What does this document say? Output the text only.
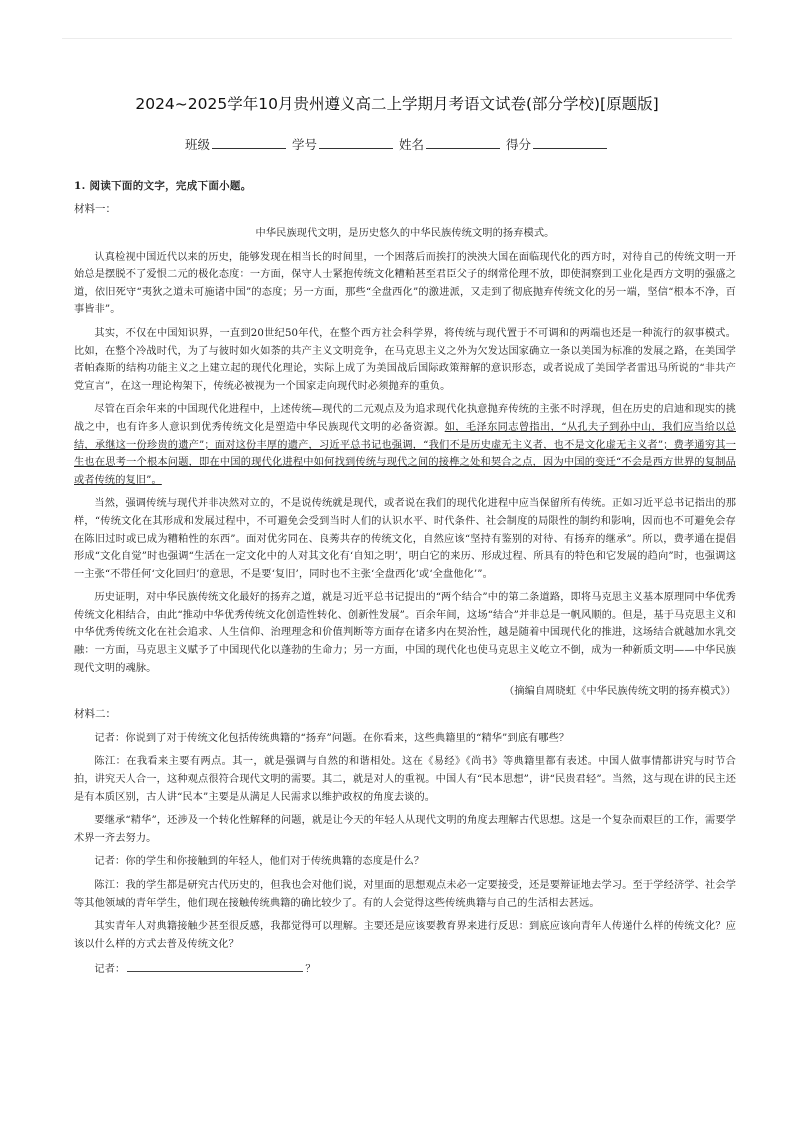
2024~2025学年10月贵州遵义高二上学期月考语文试卷(部分学校)[原题版]
班级	学号	姓名	得分
1. 阅读下面的文字，完成下面小题。
材料一：

中华民族现代文明，是历史悠久的中华民族传统文明的扬弃模式。

认真检视中国近代以来的历史，能够发现在相当长的时间里，一个困落后而挨打的泱泱大国在面临现代化的西方时，对待自己的传统文明一开始总是摆脱不了爱恨二元的极化态度：一方面，保守人士紧抱传统文化糟粕甚至君臣父子的纲常伦理不放，即使洞察到工业化是西方文明的强盛之道，依旧死守“夷狄之道未可施诸中国”的态度；另一方面，那些“全盘西化”的激进派，又走到了彻底抛弃传统文化的另一端，坚信“根本不净，百事皆非”。

其实，不仅在中国知识界，一直到20世纪50年代，在整个西方社会科学界，将传统与现代置于不可调和的两端也还是一种流行的叙事模式。比如，在整个冷战时代，为了与彼时如火如荼的共产主义文明竞争，在马克思主义之外为欠发达国家确立一条以美国为标准的发展之路，在美国学者帕森斯的结构功能主义之上建立起的现代化理论，实际上成了为美国战后国际政策辩解的意识形态，或者说成了美国学者雷迅马所说的“非共产党宣言”，在这一理论构架下，传统必被视为一个国家走向现代时必须抛弃的重负。

尽管在百余年来的中国现代化进程中，上述传统—现代的二元观点及为追求现代化执意抛弃传统的主张不时浮现，但在历史的启迪和现实的挑战之中，也有许多人意识到优秀传统文化是塑造中华民族现代文明的必备资源。如，毛泽东同志曾指出，“从孔夫子到孙中山，我们应当给以总结，承继这一份珍贵的遗产”；面对这份丰厚的遗产，习近平总书记也强调，“我们不是历史虚无主义者，也不是文化虚无主义者”；费孝通穷其一生也在思考一个根本问题，即在中国的现代化进程中如何找到传统与现代之间的接榫之处和契合之点，因为中国的变迁“不会是西方世界的复制品或者传统的复旧”。

当然，强调传统与现代并非决然对立的，不是说传统就是现代，或者说在我们的现代化进程中应当保留所有传统。正如习近平总书记指出的那样，“传统文化在其形成和发展过程中，不可避免会受到当时人们的认识水平、时代条件、社会制度的局限性的制约和影响，因而也不可避免会存在陈旧过时或已成为糟粕性的东西”。面对优劣同在、良莠共存的传统文化，自然应该“坚持有鉴别的对待、有扬弃的继承”。所以，费孝通在提倡形成“文化自觉”时也强调“生活在一定文化中的人对其文化有‘自知之明’，明白它的来历、形成过程、所具有的特色和它发展的趋向”时，也强调这一主张“不带任何‘文化回归’的意思，不是要‘复旧’，同时也不主张‘全盘西化’或‘全盘他化’”。

历史证明，对中华民族传统文化最好的扬弃之道，就是习近平总书记提出的“两个结合”中的第二条道路，即将马克思主义基本原理同中华优秀传统文化相结合，由此“推动中华优秀传统文化创造性转化、创新性发展”。百余年间，这场“结合”并非总是一帆风顺的。但是，基于马克思主义和中华优秀传统文化在社会追求、人生信仰、治理理念和价值判断等方面存在诸多内在契治性，越是随着中国现代化的推进，这场结合就越加水乳交融：一方面，马克思主义赋予了中国现代化以蓬勃的生命力；另一方面，中国的现代化也使马克思主义屹立不倒，成为一种新质文明——中华民族现代文明的魂脉。

（摘编自周晓虹《中华民族传统文明的扬弃模式》）

材料二：

记者：你说到了对于传统文化包括传统典籍的“扬弃”问题。在你看来，这些典籍里的“精华”到底有哪些？

陈江：在我看来主要有两点。其一，就是强调与自然的和谐相处。这在《易经》《尚书》等典籍里都有表述。中国人做事情都讲究与时节合拍，讲究天人合一，这种观点很符合现代文明的需要。其二，就是对人的重视。中国人有“民本思想”，讲“民贵君轻”。当然，这与现在讲的民主还是有本质区别，古人讲“民本”主要是从满足人民需求以维护政权的角度去谈的。

要继承“精华”，还涉及一个转化性解释的问题，就是让今天的年轻人从现代文明的角度去理解古代思想。这是一个复杂而艰巨的工作，需要学术界一齐去努力。

记者：你的学生和你接触到的年轻人，他们对于传统典籍的态度是什么？

陈江：我的学生都是研究古代历史的，但我也会对他们说，对里面的思想观点未必一定要接受，还是要辩证地去学习。至于学经济学、社会学等其他领域的青年学生，他们现在接触传统典籍的确比较少了。有的人会觉得这些传统典籍与自己的生活相去甚远。

其实青年人对典籍接触少甚至很反感，我都觉得可以理解。主要还是应该要教育界来进行反思：到底应该向青年人传递什么样的传统文化？应该以什么样的方式去普及传统文化？

记者：	？
